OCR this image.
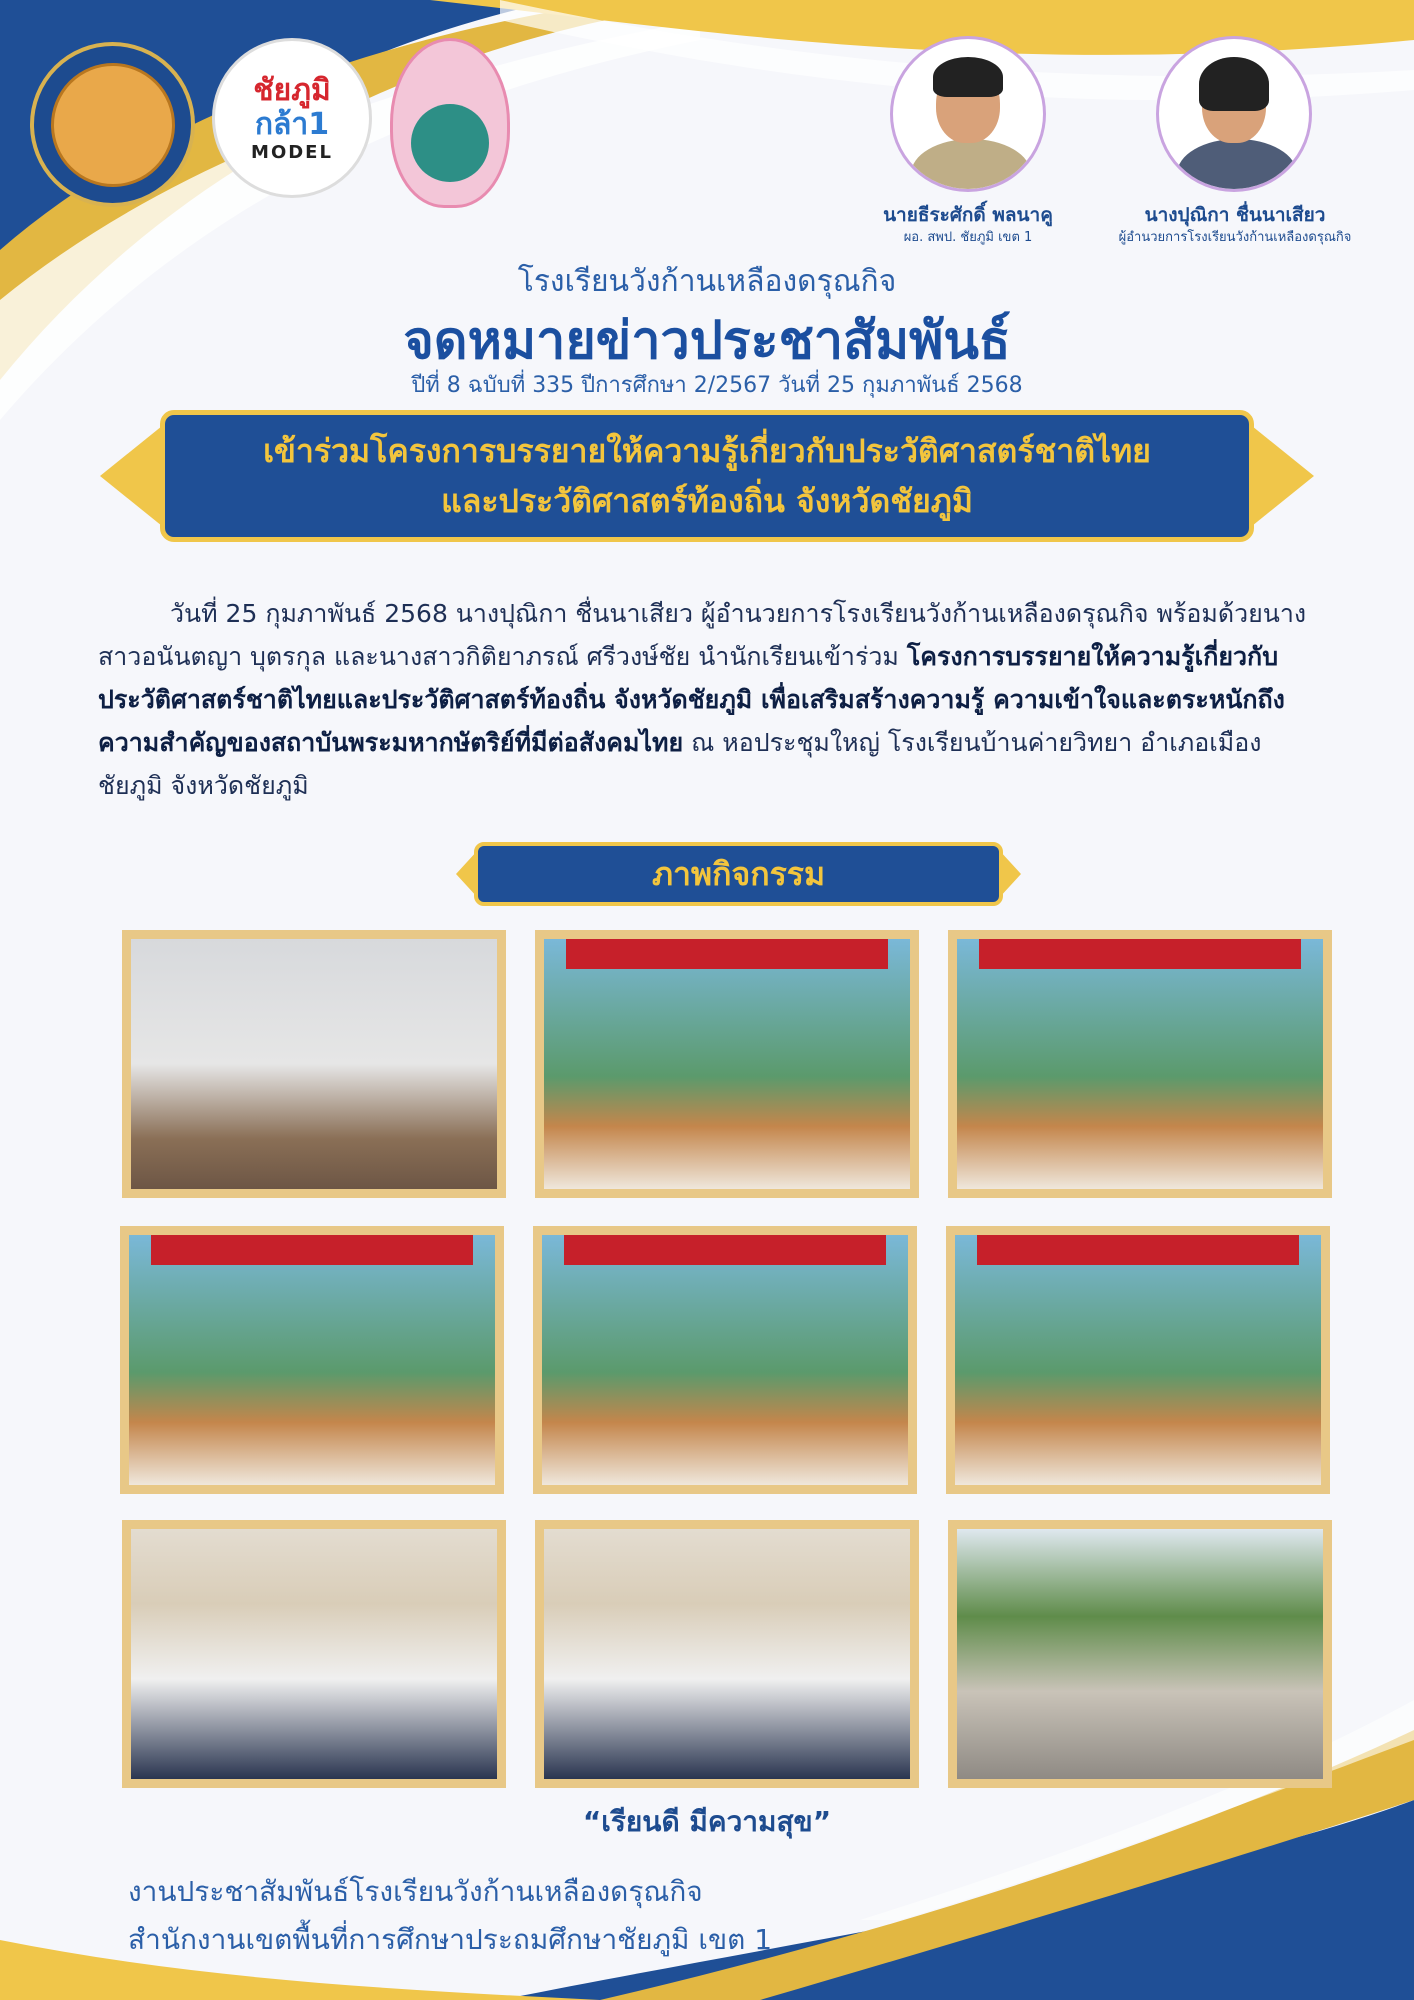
ชัยภูมิ
กล้า1
MODEL
นายธีระศักดิ์ พลนาคู
ผอ. สพป. ชัยภูมิ เขต 1
นางปุณิกา ชื่นนาเสียว
ผู้อำนวยการโรงเรียนวังก้านเหลืองดรุณกิจ
โรงเรียนวังก้านเหลืองดรุณกิจ
จดหมายข่าวประชาสัมพันธ์
ปีที่ 8 ฉบับที่ 335 ปีการศึกษา 2/2567 วันที่ 25 กุมภาพันธ์ 2568
เข้าร่วมโครงการบรรยายให้ความรู้เกี่ยวกับประวัติศาสตร์ชาติไทย
และประวัติศาสตร์ท้องถิ่น จังหวัดชัยภูมิ
วันที่ 25 กุมภาพันธ์ 2568 นางปุณิกา ชื่นนาเสียว ผู้อำนวยการโรงเรียนวังก้านเหลืองดรุณกิจ พร้อมด้วยนางสาวอนันตญา บุตรกุล และนางสาวกิติยาภรณ์ ศรีวงษ์ชัย นำนักเรียนเข้าร่วม โครงการบรรยายให้ความรู้เกี่ยวกับประวัติศาสตร์ชาติไทยและประวัติศาสตร์ท้องถิ่น จังหวัดชัยภูมิ เพื่อเสริมสร้างความรู้ ความเข้าใจและตระหนักถึงความสำคัญของสถาบันพระมหากษัตริย์ที่มีต่อสังคมไทย ณ หอประชุมใหญ่ โรงเรียนบ้านค่ายวิทยา อำเภอเมืองชัยภูมิ จังหวัดชัยภูมิ
ภาพกิจกรรม
“เรียนดี มีความสุข”
งานประชาสัมพันธ์โรงเรียนวังก้านเหลืองดรุณกิจ
สำนักงานเขตพื้นที่การศึกษาประถมศึกษาชัยภูมิ เขต 1
